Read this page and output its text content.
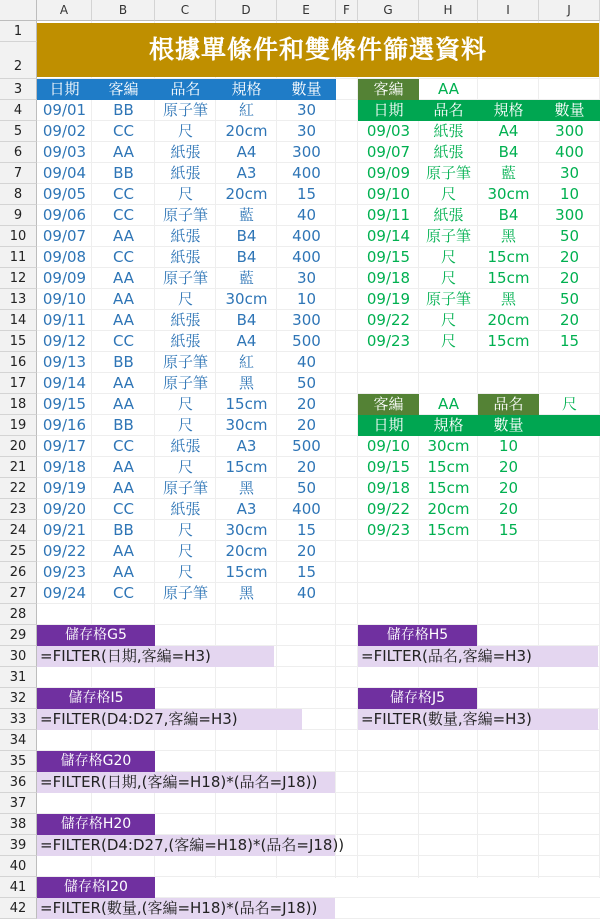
A	B	C	D	E	F	G	H	I	J
1
2
3
4
5
6
7
8
9
10
11
12
13
14
15
16
17
18
19
20
21
22
23
24
25
26
27
28
29
30
31
32
33
34
35
36
37
38
39
40
41
42
根據單條件和雙條件篩選資料
日期	客編	品名	規格	數量
09/01	BB	原子筆	紅	30
09/02	CC	尺	20cm	30
09/03	AA	紙張	A4	300
09/04	BB	紙張	A3	400
09/05	CC	尺	20cm	15
09/06	CC	原子筆	藍	40
09/07	AA	紙張	B4	400
09/08	CC	紙張	B4	400
09/09	AA	原子筆	藍	30
09/10	AA	尺	30cm	10
09/11	AA	紙張	B4	300
09/12	CC	紙張	A4	500
09/13	BB	原子筆	紅	40
09/14	AA	原子筆	黑	50
09/15	AA	尺	15cm	20
09/16	BB	尺	30cm	20
09/17	CC	紙張	A3	500
09/18	AA	尺	15cm	20
09/19	AA	原子筆	黑	50
09/20	CC	紙張	A3	400
09/21	BB	尺	30cm	15
09/22	AA	尺	20cm	20
09/23	AA	尺	15cm	15
09/24	CC	原子筆	黑	40
客編	AA
日期	品名	規格	數量
09/03	紙張	A4	300
09/07	紙張	B4	400
09/09	原子筆	藍	30
09/10	尺	30cm	10
09/11	紙張	B4	300
09/14	原子筆	黑	50
09/15	尺	15cm	20
09/18	尺	15cm	20
09/19	原子筆	黑	50
09/22	尺	20cm	20
09/23	尺	15cm	15
客編	AA	品名	尺
日期	規格	數量
09/10	30cm	10
09/15	15cm	20
09/18	15cm	20
09/22	20cm	20
09/23	15cm	15
儲存格G5
=FILTER(日期,客編=H3)
儲存格H5
=FILTER(品名,客編=H3)
儲存格I5
=FILTER(D4:D27,客編=H3)
儲存格J5
=FILTER(數量,客編=H3)
儲存格G20
=FILTER(日期,(客編=H18)*(品名=J18))
儲存格H20
=FILTER(D4:D27,(客編=H18)*(品名=J18))
儲存格I20
=FILTER(數量,(客編=H18)*(品名=J18))
